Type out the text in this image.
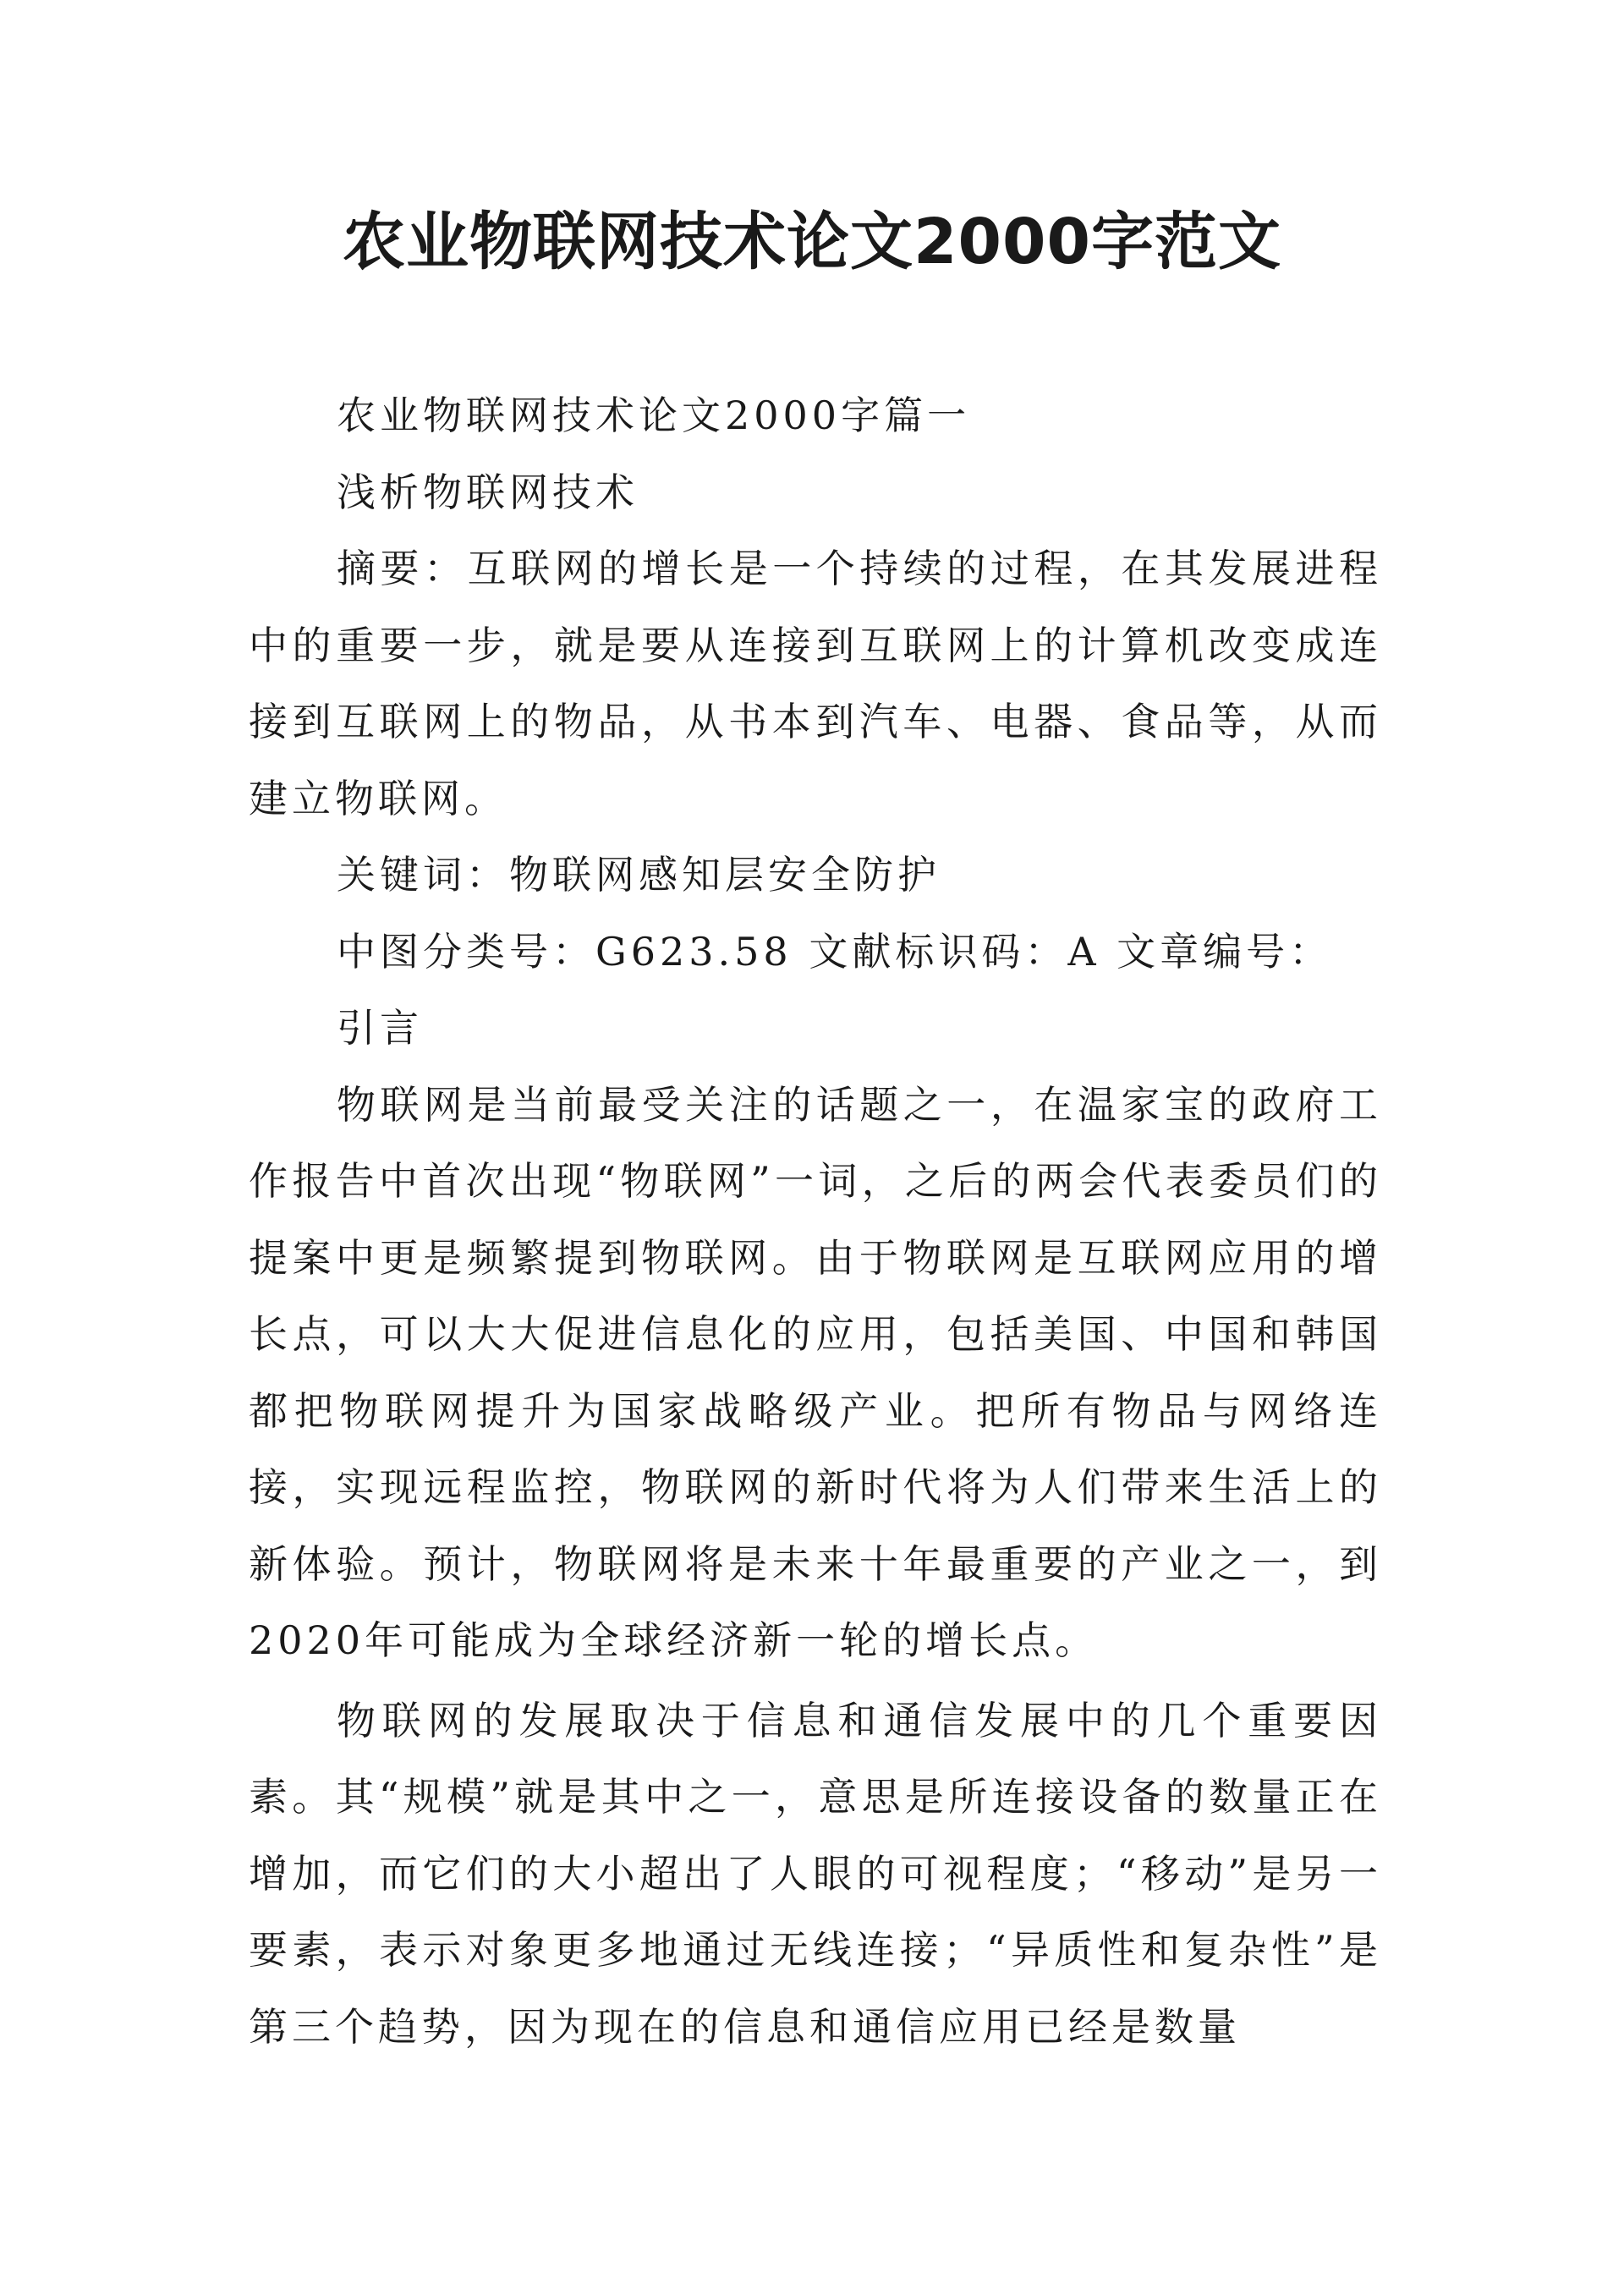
农业物联网技术论文2000字范文

农业物联网技术论文2000字篇一

浅析物联网技术

摘要：互联网的增长是一个持续的过程，在其发展进程中的重要一步，就是要从连接到互联网上的计算机改变成连接到互联网上的物品，从书本到汽车、电器、食品等，从而建立物联网。

关键词：物联网感知层安全防护

中图分类号：G623.58 文献标识码：A 文章编号：

引言

物联网是当前最受关注的话题之一，在温家宝的政府工作报告中首次出现“物联网”一词，之后的两会代表委员们的提案中更是频繁提到物联网。由于物联网是互联网应用的增长点，可以大大促进信息化的应用，包括美国、中国和韩国都把物联网提升为国家战略级产业。把所有物品与网络连接，实现远程监控，物联网的新时代将为人们带来生活上的新体验。预计，物联网将是未来十年最重要的产业之一，到2020年可能成为全球经济新一轮的增长点。

物联网的发展取决于信息和通信发展中的几个重要因素。其“规模”就是其中之一，意思是所连接设备的数量正在增加，而它们的大小超出了人眼的可视程度；“移动”是另一要素，表示对象更多地通过无线连接；“异质性和复杂性”是第三个趋势，因为现在的信息和通信应用已经是数量
